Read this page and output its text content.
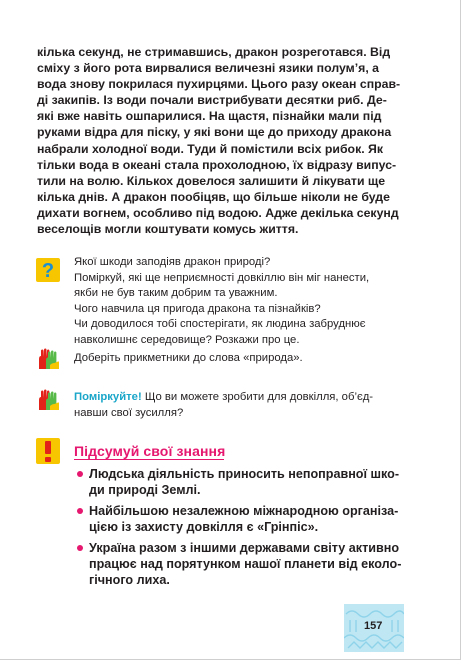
кілька секунд, не стримавшись, дракон розреготався. Від
сміху з його рота вирвалися величезні язики полум’я, а
вода знову покрилася пухирцями. Цього разу океан справ-
ді закипів. Із води почали вистрибувати десятки риб. Де-
які вже навіть ошпарилися. На щастя, пізнайки мали під
руками відра для піску, у які вони ще до приходу дракона
набрали холодної води. Туди й помістили всіх рибок. Як
тільки вода в океані стала прохолодною, їх відразу випус-
тили на волю. Кількох довелося залишити й лікувати ще
кілька днів. А дракон пообіцяв, що більше ніколи не буде
дихати вогнем, особливо під водою. Адже декілька секунд
веселощів могли коштувати комусь життя.
? Якої шкоди заподіяв дракон природі?
Поміркуй, які ще неприємності довкіллю він міг нанести,
якби не був таким добрим та уважним.
Чого навчила ця пригода дракона та пізнайків?
Чи доводилося тобі спостерігати, як людина забруднює
навколишнє середовище? Розкажи про це.
Доберіть прикметники до слова «природа».
Поміркуйте! Що ви можете зробити для довкілля, об’єд-
навши свої зусилля?
Підсумуй свої знання
Людська діяльність приносить непоправної шко-
ди природі Землі.
Найбільшою незалежною міжнародною організа-
цією із захисту довкілля є «Грінпіс».
Україна разом з іншими державами світу активно
працює над порятунком нашої планети від еколо-
гічного лиха.
157
